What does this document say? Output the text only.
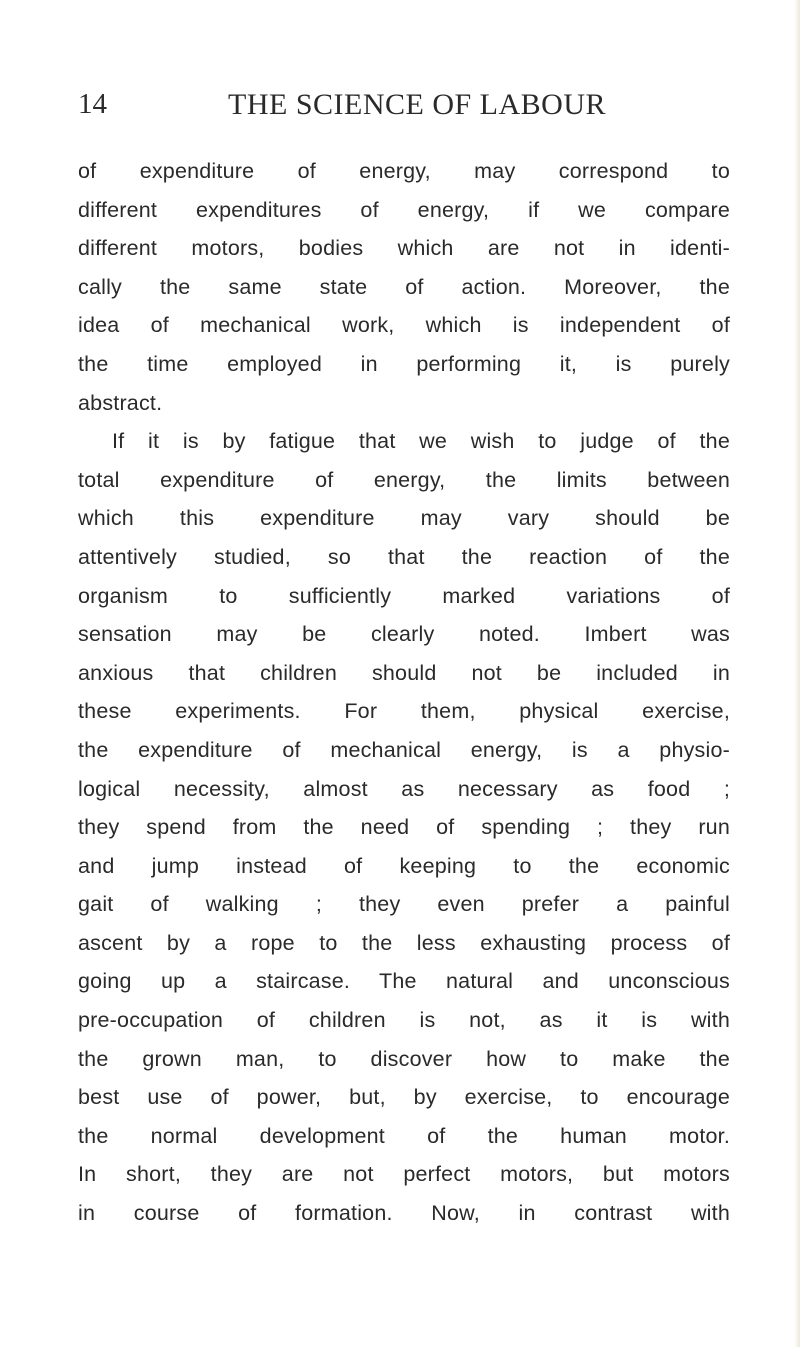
14	THE SCIENCE OF LABOUR
of expenditure of energy, may correspond to
different expenditures of energy, if we compare
different motors, bodies which are not in identi-
cally the same state of action. Moreover, the
idea of mechanical work, which is independent of
the time employed in performing it, is purely
abstract.
If it is by fatigue that we wish to judge of the
total expenditure of energy, the limits between
which this expenditure may vary should be
attentively studied, so that the reaction of the
organism to sufficiently marked variations of
sensation may be clearly noted. Imbert was
anxious that children should not be included in
these experiments. For them, physical exercise,
the expenditure of mechanical energy, is a physio-
logical necessity, almost as necessary as food ;
they spend from the need of spending ; they run
and jump instead of keeping to the economic
gait of walking ; they even prefer a painful
ascent by a rope to the less exhausting process of
going up a staircase. The natural and unconscious
pre-occupation of children is not, as it is with
the grown man, to discover how to make the
best use of power, but, by exercise, to encourage
the normal development of the human motor.
In short, they are not perfect motors, but motors
in course of formation. Now, in contrast with
